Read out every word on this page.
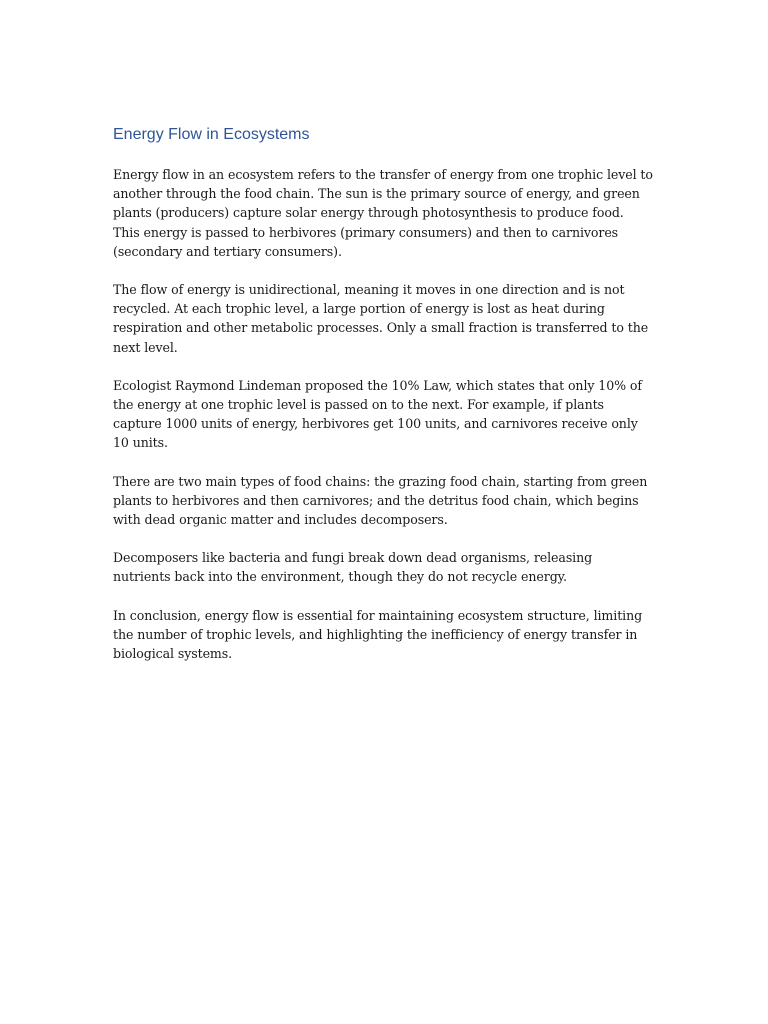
Energy Flow in Ecosystems

Energy flow in an ecosystem refers to the transfer of energy from one trophic level to another through the food chain. The sun is the primary source of energy, and green plants (producers) capture solar energy through photosynthesis to produce food. This energy is passed to herbivores (primary consumers) and then to carnivores (secondary and tertiary consumers).

The flow of energy is unidirectional, meaning it moves in one direction and is not recycled. At each trophic level, a large portion of energy is lost as heat during respiration and other metabolic processes. Only a small fraction is transferred to the next level.

Ecologist Raymond Lindeman proposed the 10% Law, which states that only 10% of the energy at one trophic level is passed on to the next. For example, if plants capture 1000 units of energy, herbivores get 100 units, and carnivores receive only 10 units.

There are two main types of food chains: the grazing food chain, starting from green plants to herbivores and then carnivores; and the detritus food chain, which begins with dead organic matter and includes decomposers.

Decomposers like bacteria and fungi break down dead organisms, releasing nutrients back into the environment, though they do not recycle energy.

In conclusion, energy flow is essential for maintaining ecosystem structure, limiting the number of trophic levels, and highlighting the inefficiency of energy transfer in biological systems.
